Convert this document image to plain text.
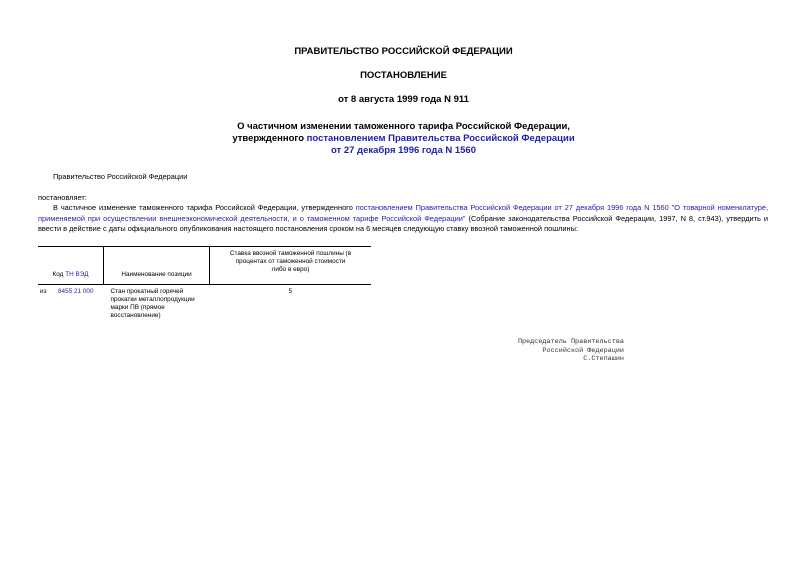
ПРАВИТЕЛЬСТВО РОССИЙСКОЙ ФЕДЕРАЦИИ
ПОСТАНОВЛЕНИЕ
от 8 августа 1999 года N 911
О частичном изменении таможенного тарифа Российской Федерации,
утвержденного постановлением Правительства Российской Федерации
от 27 декабря 1996 года N 1560
Правительство Российской Федерации
постановляет:
В частичное изменение таможенного тарифа Российской Федерации, утвержденного постановлением Правительства Российской Федерации от 27 декабря 1996 года N 1560 "О товарной номенклатуре, применяемой при осуществлении внешнеэкономической деятельности, и о таможенном тарифе Российской Федерации" (Собрание законодательства Российской Федерации, 1997, N 8, ст.943), утвердить и ввести в действие с даты официального опубликования настоящего постановления сроком на 6 месяцев следующую ставку ввозной таможенной пошлины:
Код ТН ВЭД	Наименование позиции	Ставка ввозной таможенной пошлины (в процентах от таможенной стоимости либо в евро)

из 8455 21 000	Стан прокатный горячей прокатки металлопродукции марки ПВ (прямое восстановление)	5
Председатель Правительства
Российской Федерации
С.Степашин
